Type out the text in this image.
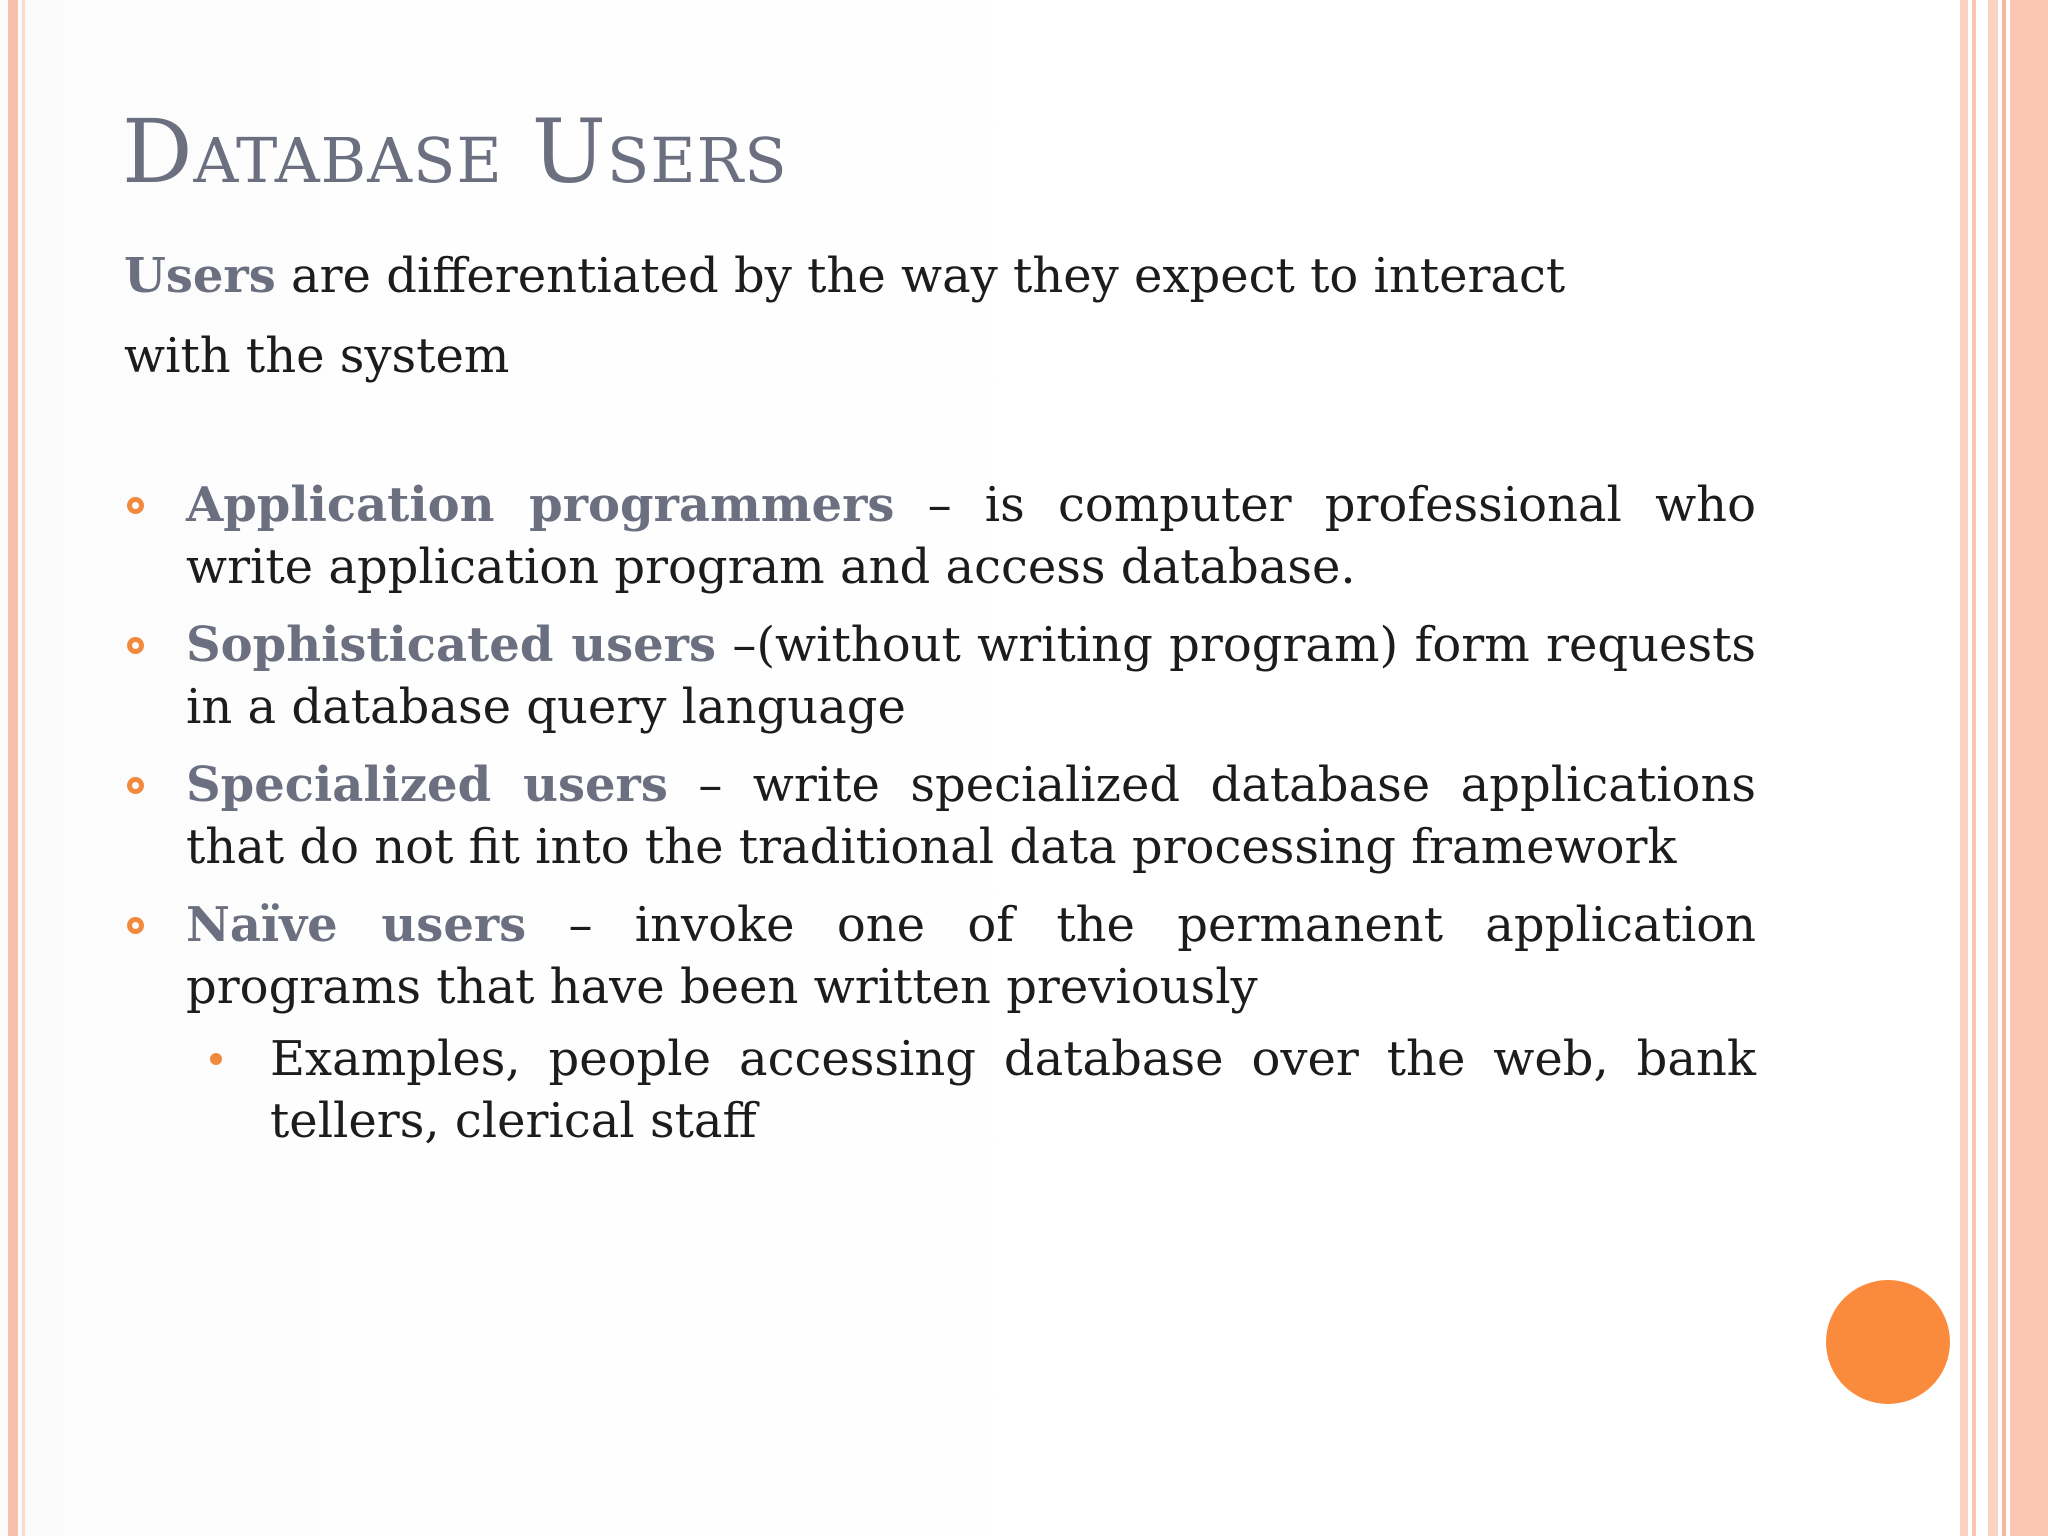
Database Users
Users are differentiated by the way they expect to interact with the system
Application programmers – is computer professional who write application program and access database.
Sophisticated users –(without writing program) form requests in a database query language
Specialized users – write specialized database applications that do not fit into the traditional data processing framework
Naïve users – invoke one of the permanent application programs that have been written previously
Examples, people accessing database over the web, bank tellers, clerical staff
